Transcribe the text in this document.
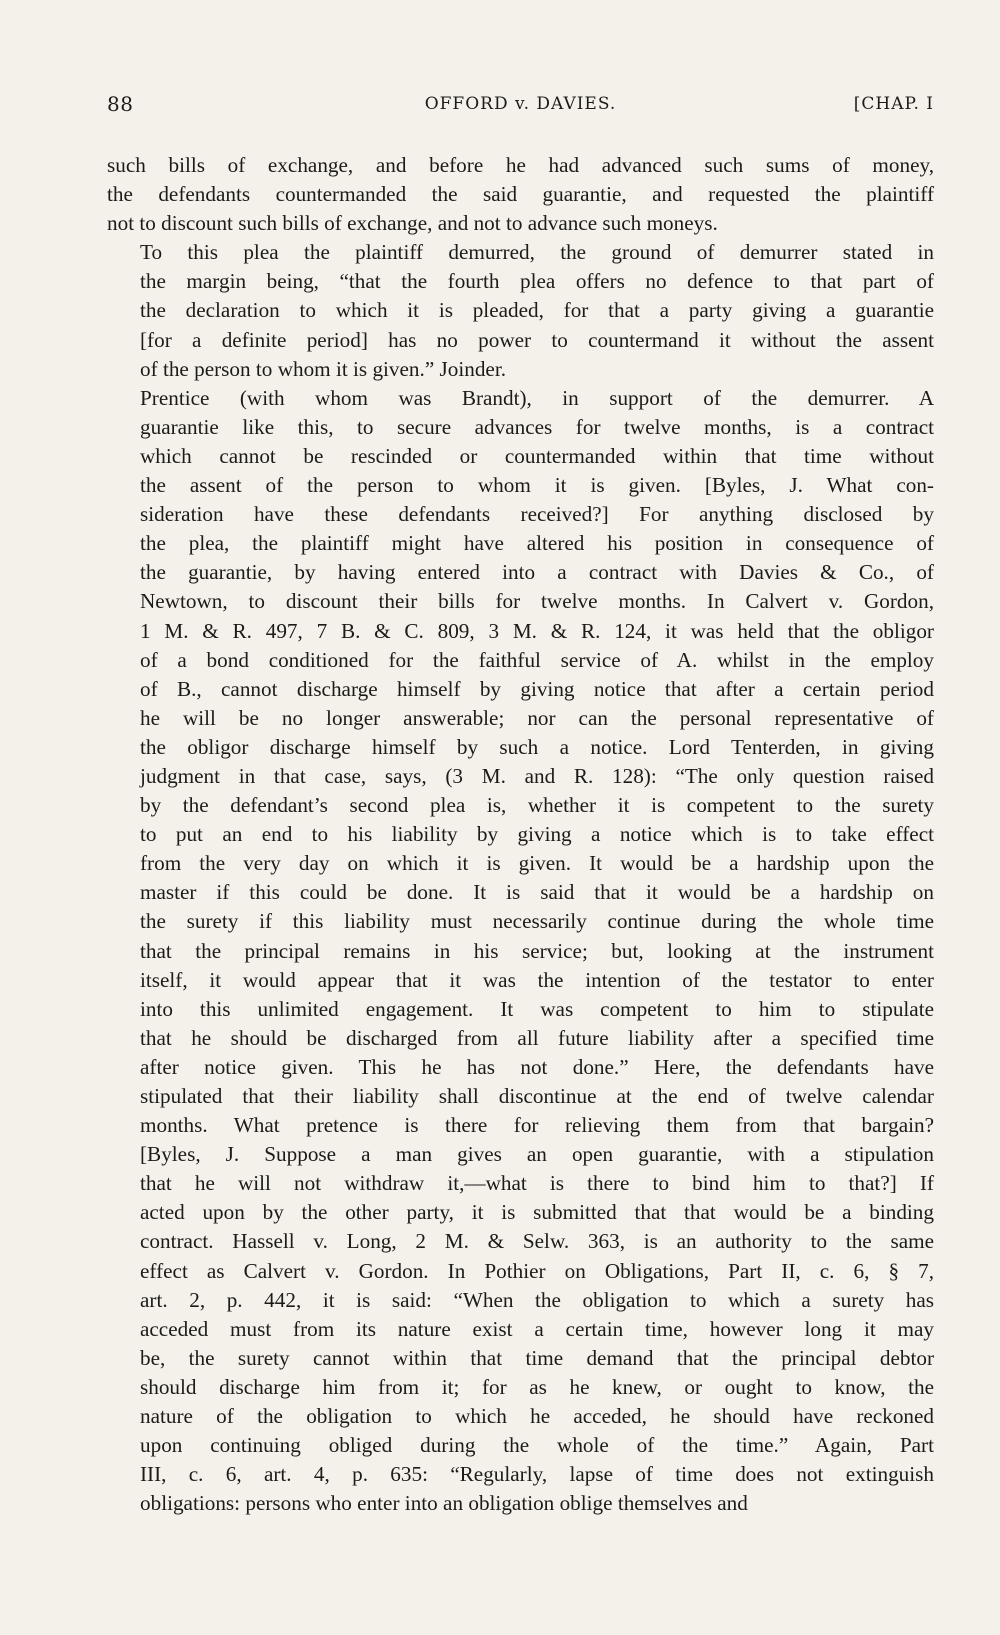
88	OFFORD v. DAVIES.	[CHAP. I

such bills of exchange, and before he had advanced such sums of money,
the defendants countermanded the said guarantie, and requested the plaintiff
not to discount such bills of exchange, and not to advance such moneys.

To this plea the plaintiff demurred, the ground of demurrer stated in
the margin being, “that the fourth plea offers no defence to that part of
the declaration to which it is pleaded, for that a party giving a guarantie
[for a definite period] has no power to countermand it without the assent
of the person to whom it is given.” Joinder.

Prentice (with whom was Brandt), in support of the demurrer. A
guarantie like this, to secure advances for twelve months, is a contract
which cannot be rescinded or countermanded within that time without
the assent of the person to whom it is given. [Byles, J. What con-
sideration have these defendants received?] For anything disclosed by
the plea, the plaintiff might have altered his position in consequence of
the guarantie, by having entered into a contract with Davies & Co., of
Newtown, to discount their bills for twelve months. In Calvert v. Gordon,
1 M. & R. 497, 7 B. & C. 809, 3 M. & R. 124, it was held that the obligor
of a bond conditioned for the faithful service of A. whilst in the employ
of B., cannot discharge himself by giving notice that after a certain period
he will be no longer answerable; nor can the personal representative of
the obligor discharge himself by such a notice. Lord Tenterden, in giving
judgment in that case, says, (3 M. and R. 128): “The only question raised
by the defendant’s second plea is, whether it is competent to the surety
to put an end to his liability by giving a notice which is to take effect
from the very day on which it is given. It would be a hardship upon the
master if this could be done. It is said that it would be a hardship on
the surety if this liability must necessarily continue during the whole time
that the principal remains in his service; but, looking at the instrument
itself, it would appear that it was the intention of the testator to enter
into this unlimited engagement. It was competent to him to stipulate
that he should be discharged from all future liability after a specified time
after notice given. This he has not done.” Here, the defendants have
stipulated that their liability shall discontinue at the end of twelve calendar
months. What pretence is there for relieving them from that bargain?
[Byles, J. Suppose a man gives an open guarantie, with a stipulation
that he will not withdraw it,—what is there to bind him to that?] If
acted upon by the other party, it is submitted that that would be a binding
contract. Hassell v. Long, 2 M. & Selw. 363, is an authority to the same
effect as Calvert v. Gordon. In Pothier on Obligations, Part II, c. 6, § 7,
art. 2, p. 442, it is said: “When the obligation to which a surety has
acceded must from its nature exist a certain time, however long it may
be, the surety cannot within that time demand that the principal debtor
should discharge him from it; for as he knew, or ought to know, the
nature of the obligation to which he acceded, he should have reckoned
upon continuing obliged during the whole of the time.” Again, Part
III, c. 6, art. 4, p. 635: “Regularly, lapse of time does not extinguish
obligations: persons who enter into an obligation oblige themselves and
